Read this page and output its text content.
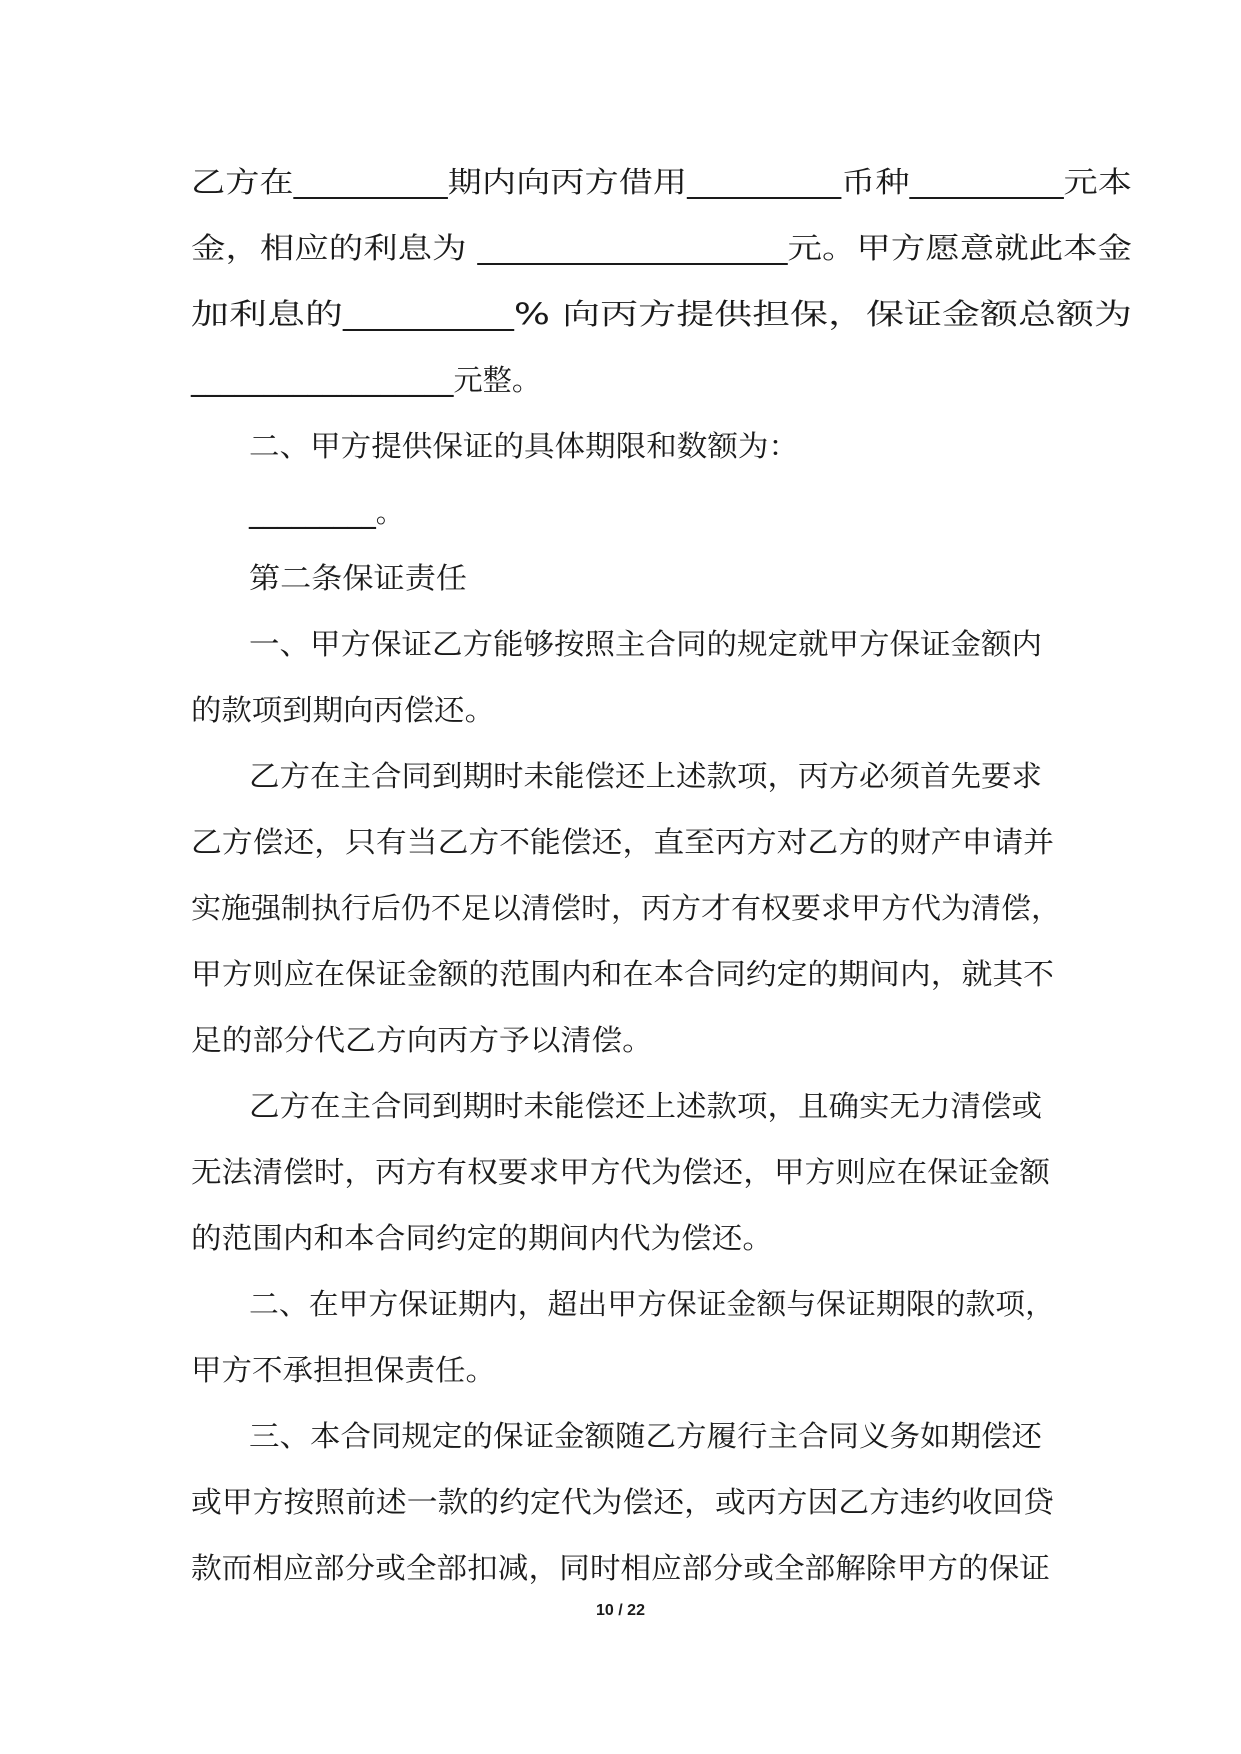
乙方在_________期内向丙方借用_________币种_________元本
金，相应的利息为 __________________元。甲方愿意就此本金
加利息的_________% 向丙方提供担保，保证金额总额为
__________________元整。
二、甲方提供保证的具体期限和数额为：
_________。
第二条保证责任
一、甲方保证乙方能够按照主合同的规定就甲方保证金额内
的款项到期向丙偿还。
乙方在主合同到期时未能偿还上述款项，丙方必须首先要求
乙方偿还，只有当乙方不能偿还，直至丙方对乙方的财产申请并
实施强制执行后仍不足以清偿时，丙方才有权要求甲方代为清偿，
甲方则应在保证金额的范围内和在本合同约定的期间内，就其不
足的部分代乙方向丙方予以清偿。
乙方在主合同到期时未能偿还上述款项，且确实无力清偿或
无法清偿时，丙方有权要求甲方代为偿还，甲方则应在保证金额
的范围内和本合同约定的期间内代为偿还。
二、在甲方保证期内，超出甲方保证金额与保证期限的款项，
甲方不承担担保责任。
三、本合同规定的保证金额随乙方履行主合同义务如期偿还
或甲方按照前述一款的约定代为偿还，或丙方因乙方违约收回贷
款而相应部分或全部扣减，同时相应部分或全部解除甲方的保证
10 / 22
